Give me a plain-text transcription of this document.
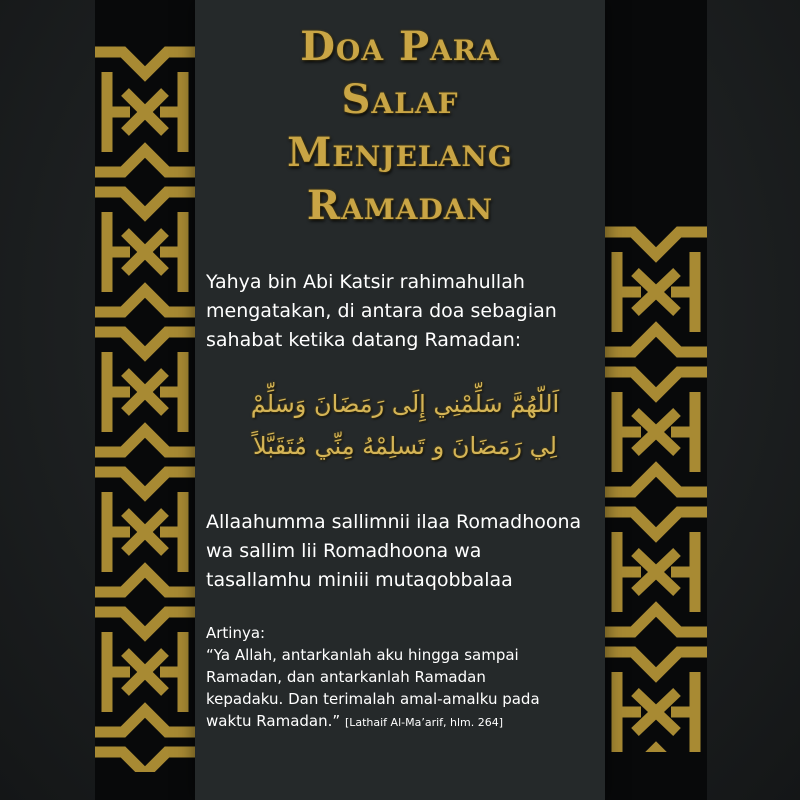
Doa Para
Salaf
Menjelang
Ramadan
Yahya bin Abi Katsir rahimahullah
mengatakan, di antara doa sebagian
sahabat ketika datang Ramadan:
اَللّهُمَّ سَلِّمْنِي إِلَى رَمَضَانَ وَسَلِّمْ
لِي رَمَضَانَ و تَسلِمْهُ مِنِّي مُتَقَبَّلاً
Allaahumma sallimnii ilaa Romadhoona
wa sallim lii Romadhoona wa
tasallamhu miniii mutaqobbalaa
Artinya:
“Ya Allah, antarkanlah aku hingga sampai
Ramadan, dan antarkanlah Ramadan
kepadaku. Dan terimalah amal-amalku pada
waktu Ramadan.” [Lathaif Al-Ma’arif, hlm. 264]
